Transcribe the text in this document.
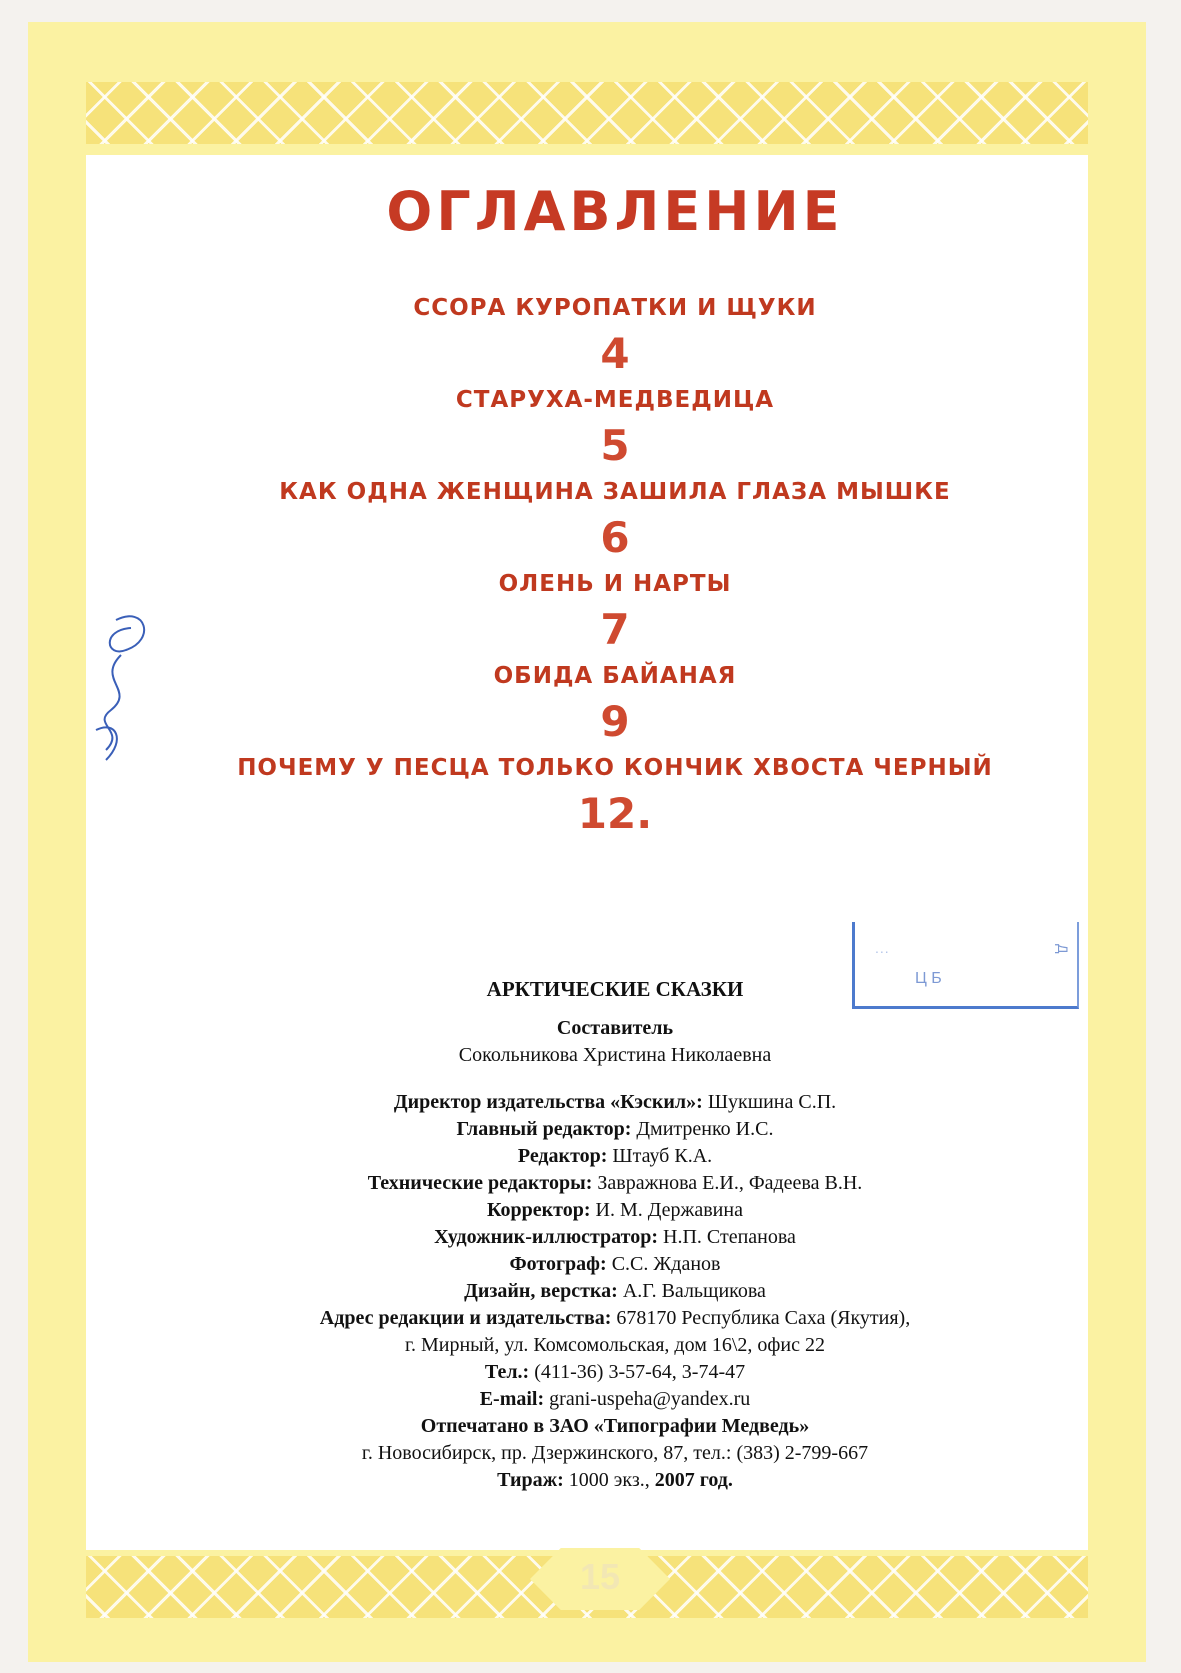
15
ОГЛАВЛЕНИЕ
ССОРА КУРОПАТКИ И ЩУКИ
4
СТАРУХА-МЕДВЕДИЦА
5
КАК ОДНА ЖЕНЩИНА ЗАШИЛА ГЛАЗА МЫШКЕ
6
ОЛЕНЬ И НАРТЫ
7
ОБИДА БАЙАНАЯ
9
ПОЧЕМУ У ПЕСЦА ТОЛЬКО КОНЧИК ХВОСТА ЧЕРНЫЙ
12.
...
Ц Б
Д
АРКТИЧЕСКИЕ СКАЗКИ
Составитель
Сокольникова Христина Николаевна
Директор издательства «Кэскил»: Шукшина С.П.
Главный редактор: Дмитренко И.С.
Редактор: Штауб К.А.
Технические редакторы: Завражнова Е.И., Фадеева В.Н.
Корректор: И. М. Державина
Художник-иллюстратор: Н.П. Степанова
Фотограф: С.С. Жданов
Дизайн, верстка: А.Г. Вальщикова
Адрес редакции и издательства: 678170 Республика Саха (Якутия),
г. Мирный, ул. Комсомольская, дом 16\2, офис 22
Тел.: (411-36) 3-57-64, 3-74-47
E-mail: grani-uspeha@yandex.ru
Отпечатано в ЗАО «Типографии Медведь»
г. Новосибирск, пр. Дзержинского, 87, тел.: (383) 2-799-667
Тираж: 1000 экз., 2007 год.
